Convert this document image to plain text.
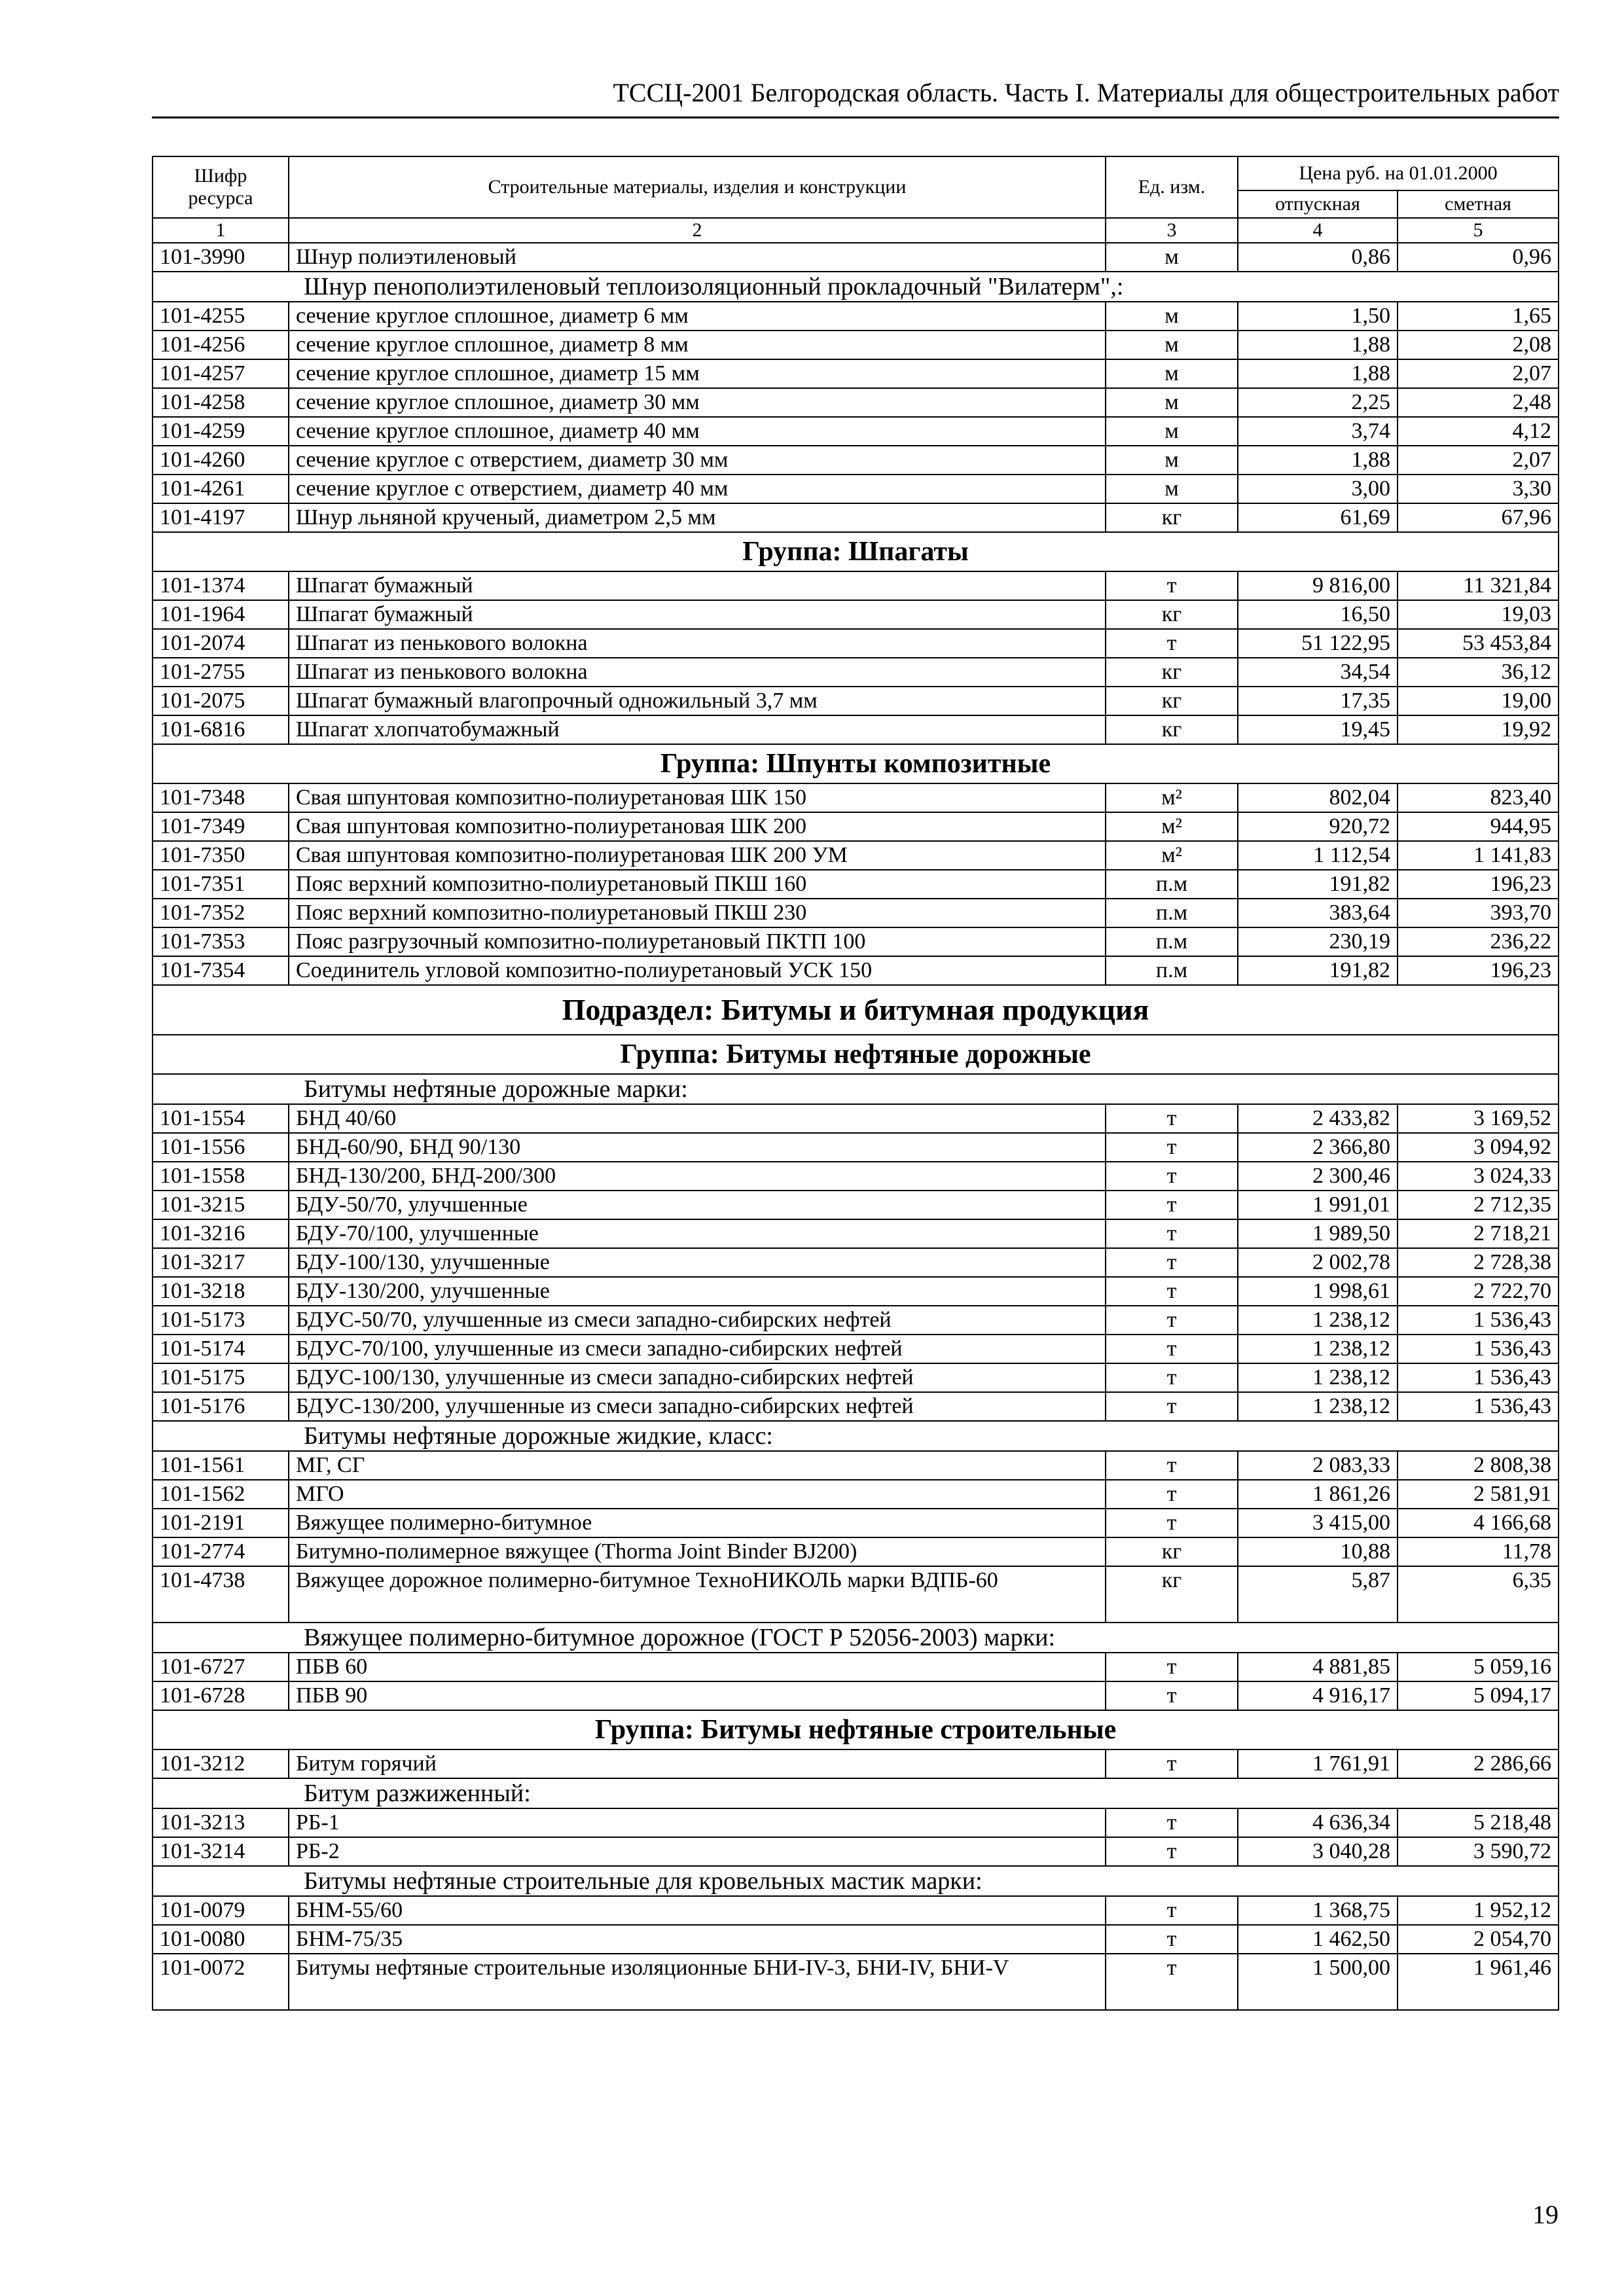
ТССЦ-2001 Белгородская область. Часть I. Материалы для общестроительных работ
Шифр ресурса	Строительные материалы, изделия и конструкции	Ед. изм.	Цена руб. на 01.01.2000	
			отпускная	сметная
1	2	3	4	5
101-3990	Шнур полиэтиленовый	м	0,86	0,96
Шнур пенополиэтиленовый теплоизоляционный прокладочный "Вилатерм",:				
101-4255	сечение круглое сплошное, диаметр 6 мм	м	1,50	1,65
101-4256	сечение круглое сплошное, диаметр 8 мм	м	1,88	2,08
101-4257	сечение круглое сплошное, диаметр 15 мм	м	1,88	2,07
101-4258	сечение круглое сплошное, диаметр 30 мм	м	2,25	2,48
101-4259	сечение круглое сплошное, диаметр 40 мм	м	3,74	4,12
101-4260	сечение круглое с отверстием, диаметр 30 мм	м	1,88	2,07
101-4261	сечение круглое с отверстием, диаметр 40 мм	м	3,00	3,30
101-4197	Шнур льняной крученый, диаметром 2,5 мм	кг	61,69	67,96
Группа: Шпагаты				
101-1374	Шпагат бумажный	т	9 816,00	11 321,84
101-1964	Шпагат бумажный	кг	16,50	19,03
101-2074	Шпагат из пенькового волокна	т	51 122,95	53 453,84
101-2755	Шпагат из пенькового волокна	кг	34,54	36,12
101-2075	Шпагат бумажный влагопрочный одножильный 3,7 мм	кг	17,35	19,00
101-6816	Шпагат хлопчатобумажный	кг	19,45	19,92
Группа: Шпунты композитные				
101-7348	Свая шпунтовая композитно-полиуретановая ШК 150	м²	802,04	823,40
101-7349	Свая шпунтовая композитно-полиуретановая ШК 200	м²	920,72	944,95
101-7350	Свая шпунтовая композитно-полиуретановая ШК 200 УМ	м²	1 112,54	1 141,83
101-7351	Пояс верхний композитно-полиуретановый ПКШ 160	п.м	191,82	196,23
101-7352	Пояс верхний композитно-полиуретановый ПКШ 230	п.м	383,64	393,70
101-7353	Пояс разгрузочный композитно-полиуретановый ПКТП 100	п.м	230,19	236,22
101-7354	Соединитель угловой композитно-полиуретановый УСК 150	п.м	191,82	196,23
Подраздел: Битумы и битумная продукция				
Группа: Битумы нефтяные дорожные				
Битумы нефтяные дорожные марки:				
101-1554	БНД 40/60	т	2 433,82	3 169,52
101-1556	БНД-60/90, БНД 90/130	т	2 366,80	3 094,92
101-1558	БНД-130/200, БНД-200/300	т	2 300,46	3 024,33
101-3215	БДУ-50/70, улучшенные	т	1 991,01	2 712,35
101-3216	БДУ-70/100, улучшенные	т	1 989,50	2 718,21
101-3217	БДУ-100/130, улучшенные	т	2 002,78	2 728,38
101-3218	БДУ-130/200, улучшенные	т	1 998,61	2 722,70
101-5173	БДУС-50/70, улучшенные из смеси западно-сибирских нефтей	т	1 238,12	1 536,43
101-5174	БДУС-70/100, улучшенные из смеси западно-сибирских нефтей	т	1 238,12	1 536,43
101-5175	БДУС-100/130, улучшенные из смеси западно-сибирских нефтей	т	1 238,12	1 536,43
101-5176	БДУС-130/200, улучшенные из смеси западно-сибирских нефтей	т	1 238,12	1 536,43
Битумы нефтяные дорожные жидкие, класс:				
101-1561	МГ, СГ	т	2 083,33	2 808,38
101-1562	МГО	т	1 861,26	2 581,91
101-2191	Вяжущее полимерно-битумное	т	3 415,00	4 166,68
101-2774	Битумно-полимерное вяжущее (Thorma Joint Binder BJ200)	кг	10,88	11,78
101-4738	Вяжущее дорожное полимерно-битумное ТехноНИКОЛЬ марки ВДПБ-60	кг	5,87	6,35
Вяжущее полимерно-битумное дорожное (ГОСТ Р 52056-2003) марки:				
101-6727	ПБВ 60	т	4 881,85	5 059,16
101-6728	ПБВ 90	т	4 916,17	5 094,17
Группа: Битумы нефтяные строительные				
101-3212	Битум горячий	т	1 761,91	2 286,66
Битум разжиженный:				
101-3213	РБ-1	т	4 636,34	5 218,48
101-3214	РБ-2	т	3 040,28	3 590,72
Битумы нефтяные строительные для кровельных мастик марки:				
101-0079	БНМ-55/60	т	1 368,75	1 952,12
101-0080	БНМ-75/35	т	1 462,50	2 054,70
101-0072	Битумы нефтяные строительные изоляционные БНИ-IV-3, БНИ-IV, БНИ-V	т	1 500,00	1 961,46
19
